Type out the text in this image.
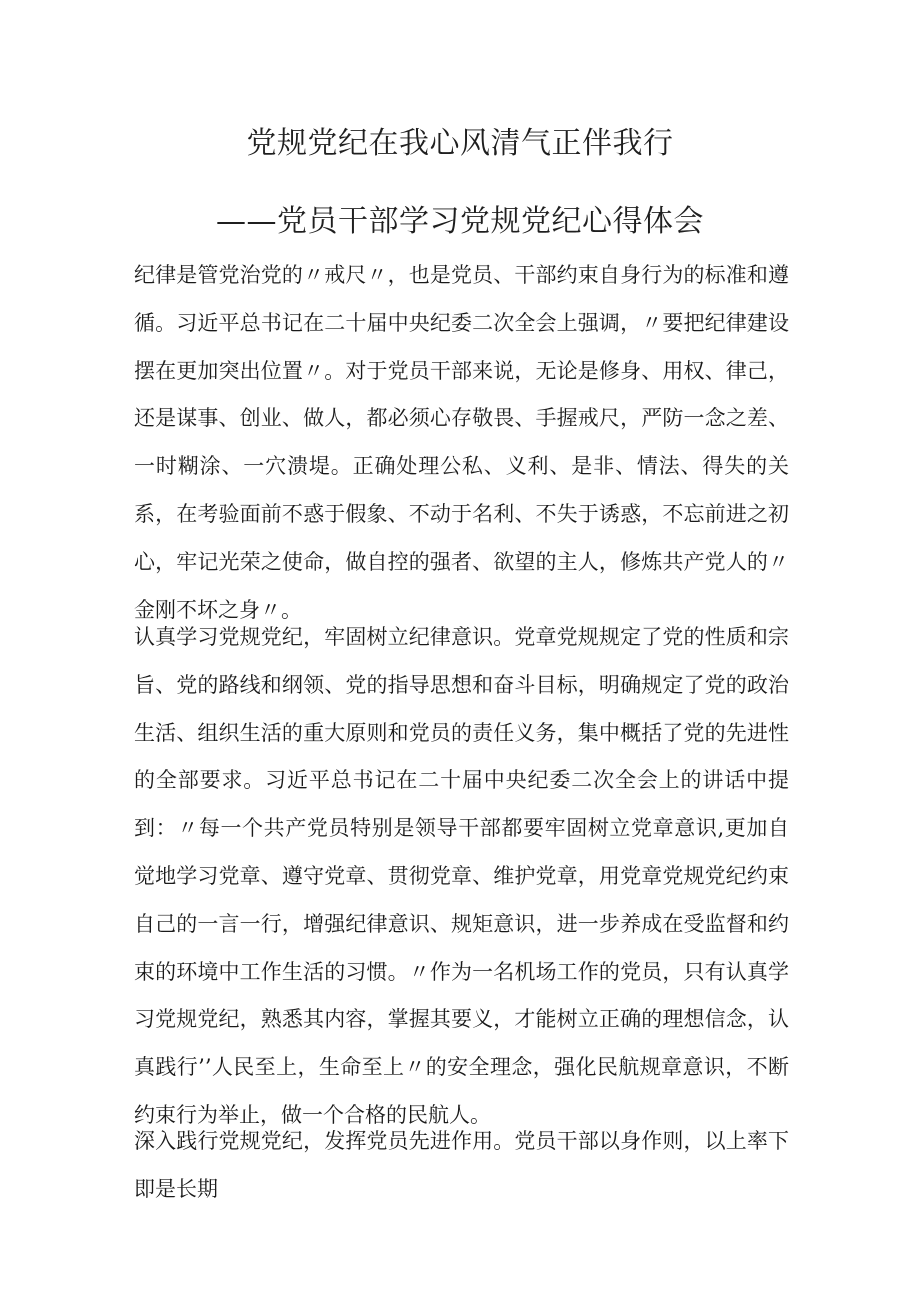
党规党纪在我心风清气正伴我行
——党员干部学习党规党纪心得体会

纪律是管党治党的〃戒尺〃，也是党员、干部约束自身行为的标准和遵循。习近平总书记在二十届中央纪委二次全会上强调，〃要把纪律建设摆在更加突出位置〃。对于党员干部来说，无论是修身、用权、律己，还是谋事、创业、做人，都必须心存敬畏、手握戒尺，严防一念之差、一时糊涂、一穴溃堤。正确处理公私、义利、是非、情法、得失的关系，在考验面前不惑于假象、不动于名利、不失于诱惑，不忘前进之初心，牢记光荣之使命，做自控的强者、欲望的主人，修炼共产党人的〃金刚不坏之身〃。

认真学习党规党纪，牢固树立纪律意识。党章党规规定了党的性质和宗旨、党的路线和纲领、党的指导思想和奋斗目标，明确规定了党的政治生活、组织生活的重大原则和党员的责任义务，集中概括了党的先进性的全部要求。习近平总书记在二十届中央纪委二次全会上的讲话中提到：〃每一个共产党员特别是领导干部都要牢固树立党章意识,更加自觉地学习党章、遵守党章、贯彻党章、维护党章，用党章党规党纪约束自己的一言一行，增强纪律意识、规矩意识，进一步养成在受监督和约束的环境中工作生活的习惯。〃作为一名机场工作的党员，只有认真学习党规党纪，熟悉其内容，掌握其要义，才能树立正确的理想信念，认真践行’’人民至上，生命至上〃的安全理念，强化民航规章意识，不断约束行为举止，做一个合格的民航人。

深入践行党规党纪，发挥党员先进作用。党员干部以身作则，以上率下即是长期
